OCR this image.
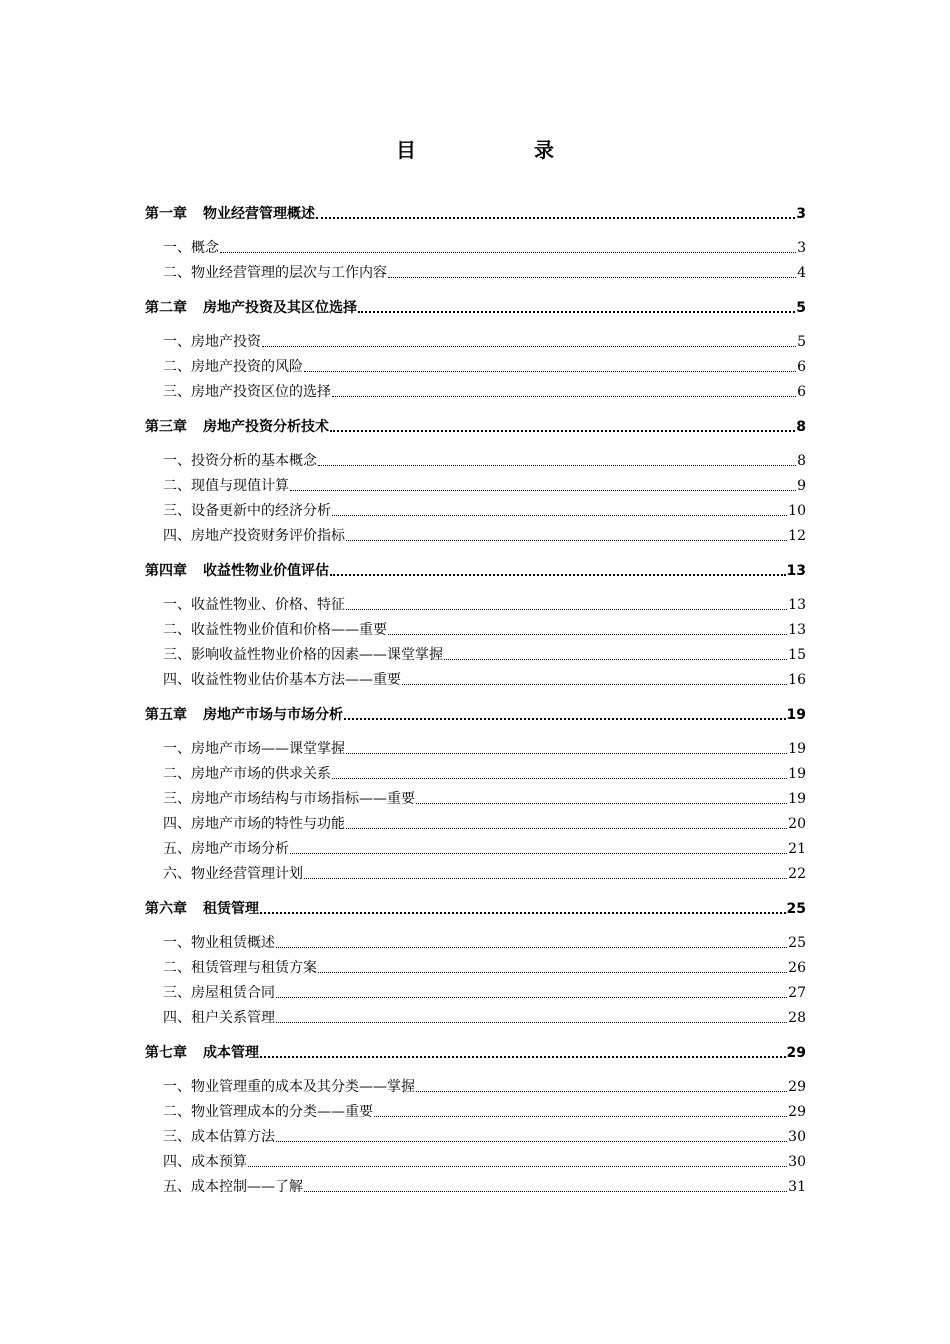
目	录
第一章 物业经营管理概述	3
一、概念	3
二、物业经营管理的层次与工作内容	4
第二章 房地产投资及其区位选择	5
一、房地产投资	5
二、房地产投资的风险	6
三、房地产投资区位的选择	6
第三章 房地产投资分析技术	8
一、投资分析的基本概念	8
二、现值与现值计算	9
三、设备更新中的经济分析	10
四、房地产投资财务评价指标	12
第四章 收益性物业价值评估	13
一、收益性物业、价格、特征	13
二、收益性物业价值和价格——重要	13
三、影响收益性物业价格的因素——课堂掌握	15
四、收益性物业估价基本方法——重要	16
第五章 房地产市场与市场分析	19
一、房地产市场——课堂掌握	19
二、房地产市场的供求关系	19
三、房地产市场结构与市场指标——重要	19
四、房地产市场的特性与功能	20
五、房地产市场分析	21
六、物业经营管理计划	22
第六章 租赁管理	25
一、物业租赁概述	25
二、租赁管理与租赁方案	26
三、房屋租赁合同	27
四、租户关系管理	28
第七章 成本管理	29
一、物业管理重的成本及其分类——掌握	29
二、物业管理成本的分类——重要	29
三、成本估算方法	30
四、成本预算	30
五、成本控制——了解	31
